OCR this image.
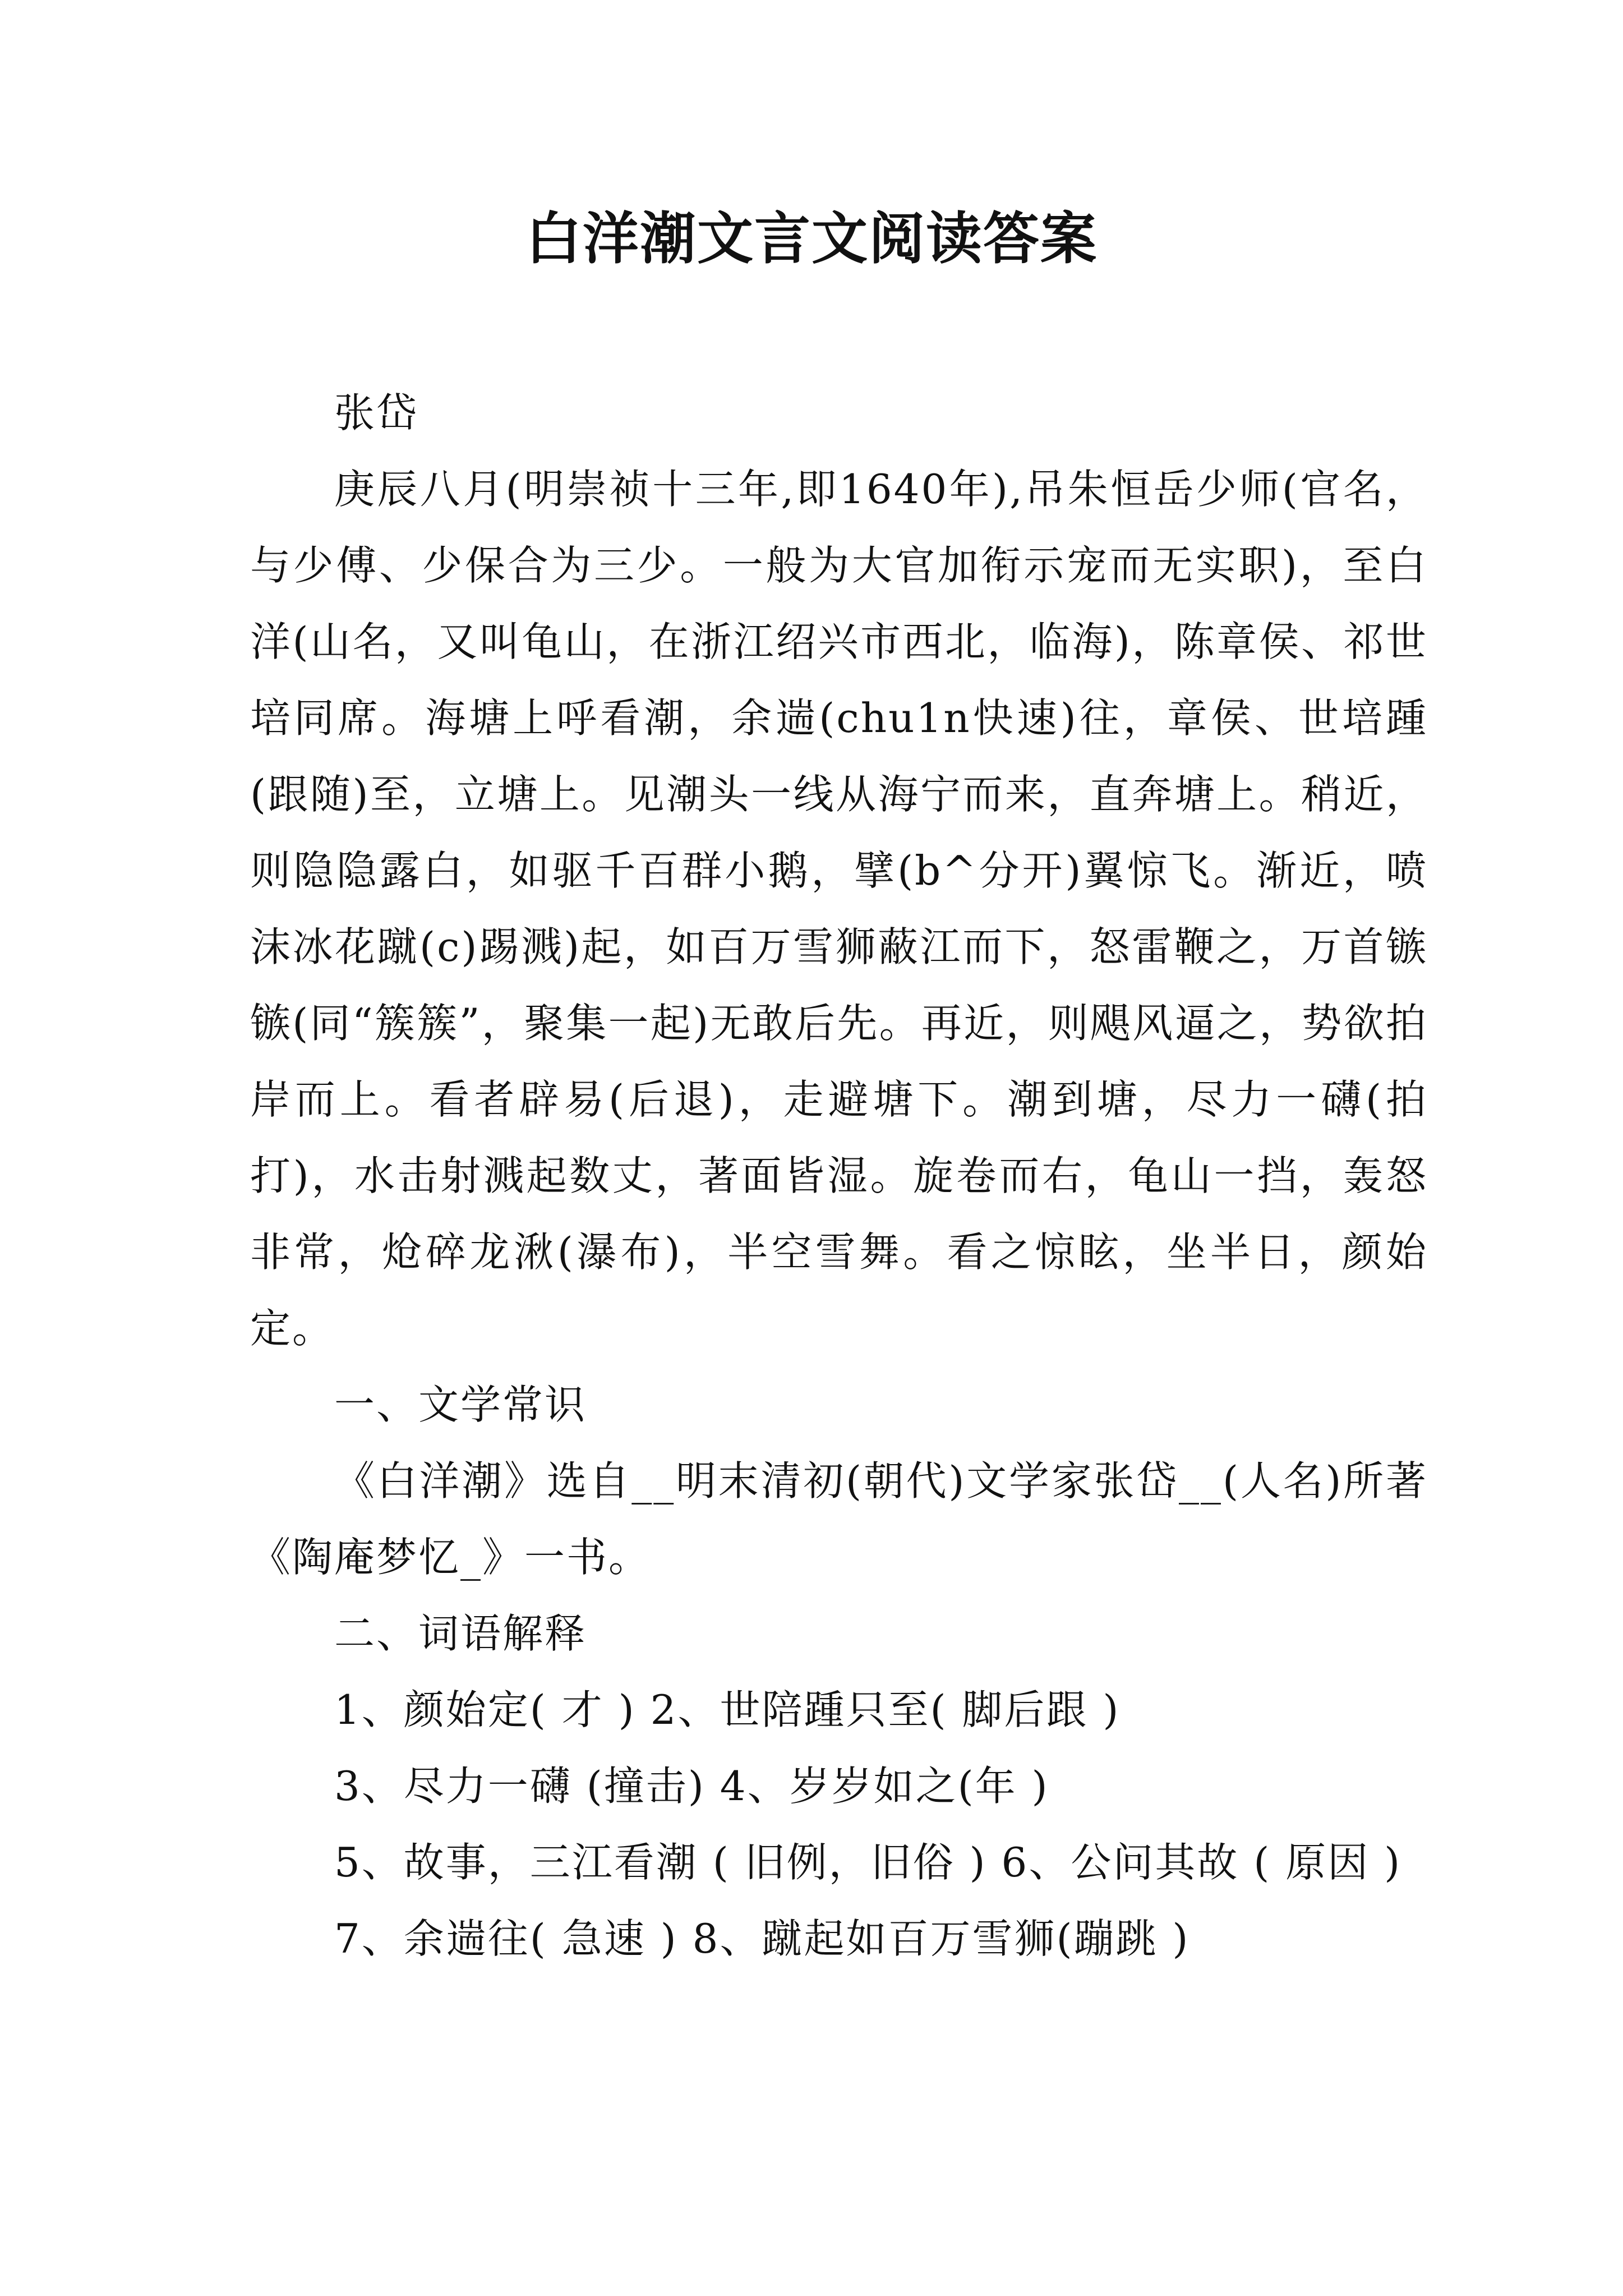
白洋潮文言文阅读答案

张岱

庚辰八月(明崇祯十三年,即1640年),吊朱恒岳少师(官名，与少傅、少保合为三少。一般为大官加衔示宠而无实职)，至白洋(山名，又叫龟山，在浙江绍兴市西北，临海)，陈章侯、祁世培同席。海塘上呼看潮，余遄(chu1n快速)往，章侯、世培踵(跟随)至，立塘上。见潮头一线从海宁而来，直奔塘上。稍近，则隐隐露白，如驱千百群小鹅，擘(b^分开)翼惊飞。渐近，喷沫冰花蹴(c)踢溅)起，如百万雪狮蔽江而下，怒雷鞭之，万首镞镞(同“簇簇”，聚集一起)无敢后先。再近，则飓风逼之，势欲拍岸而上。看者辟易(后退)，走避塘下。潮到塘，尽力一礴(拍打)，水击射溅起数丈，著面皆湿。旋卷而右，龟山一挡，轰怒非常，炝碎龙湫(瀑布)，半空雪舞。看之惊眩，坐半日，颜始定。

一、文学常识

《白洋潮》选自__明末清初(朝代)文学家张岱__(人名)所著《陶庵梦忆_》一书。

二、词语解释

1、颜始定( 才 ) 2、世陪踵只至( 脚后跟 )

3、尽力一礴 (撞击) 4、岁岁如之(年 )

5、故事，三江看潮 ( 旧例，旧俗 ) 6、公问其故 ( 原因 )

7、余遄往( 急速 ) 8、蹴起如百万雪狮(蹦跳 )
